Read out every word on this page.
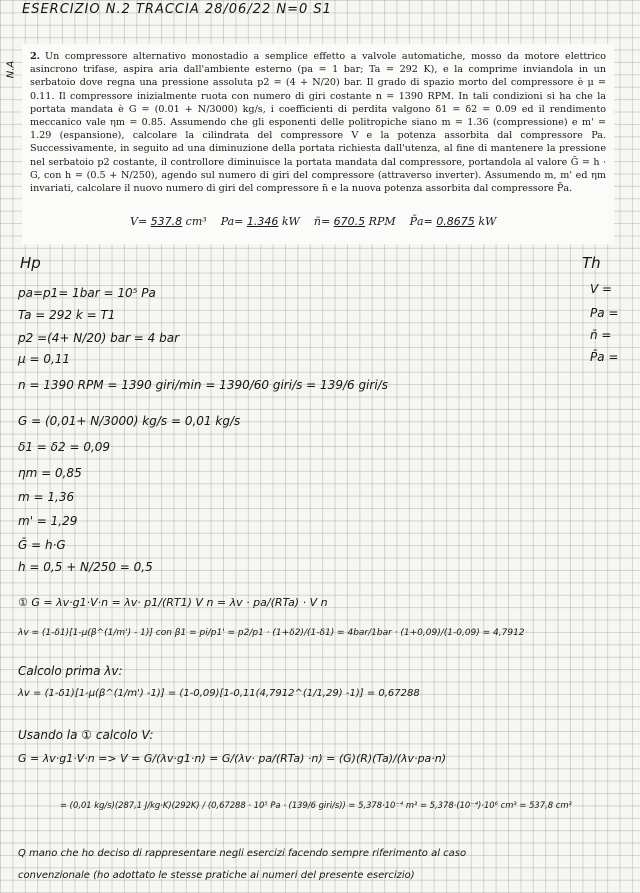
ESERCIZIO N.2 TRACCIA 28/06/22 N=0 S1
N.A
2. Un compressore alternativo monostadio a semplice effetto a valvole automatiche, mosso da motore elettrico asincrono trifase, aspira aria dall'ambiente esterno (pa = 1 bar; Ta = 292 K), e la comprime inviandola in un serbatoio dove regna una pressione assoluta p2 = (4 + N/20) bar. Il grado di spazio morto del compressore è μ = 0.11. Il compressore inizialmente ruota con numero di giri costante n = 1390 RPM. In tali condizioni si ha che la portata mandata è G = (0.01 + N/3000) kg/s, i coefficienti di perdita valgono δ1 = δ2 = 0.09 ed il rendimento meccanico vale ηm = 0.85. Assumendo che gli esponenti delle politropiche siano m = 1.36 (compressione) e m' = 1.29 (espansione), calcolare la cilindrata del compressore V e la potenza assorbita dal compressore Pa. Successivamente, in seguito ad una diminuzione della portata richiesta dall'utenza, al fine di mantenere la pressione nel serbatoio p2 costante, il controllore diminuisce la portata mandata dal compressore, portandola al valore Ḡ = h · G, con h = (0.5 + N/250), agendo sul numero di giri del compressore (attraverso inverter). Assumendo m, m' ed ηm invariati, calcolare il nuovo numero di giri del compressore n̄ e la nuova potenza assorbita dal compressore P̄a.
V= 537.8 cm³ Pa= 1.346 kW n̄= 670.5 RPM P̄a= 0.8675 kW
Hp	Th
V =
Pa =
n̄ =
P̄a =
pa=p1= 1bar = 10⁵ Pa
Ta = 292 k = T1
p2 =(4+ N/20) bar = 4 bar
μ = 0,11
n = 1390 RPM = 1390 giri/min = 1390/60 giri/s = 139/6 giri/s
G = (0,01+ N/3000) kg/s = 0,01 kg/s
δ1 = δ2 = 0,09
ηm = 0,85
m = 1,36
m' = 1,29
Ḡ = h·G
h = 0,5 + N/250 = 0,5
① G = λv·g1·V·n = λv· p1/(RT1) V n = λv · pa/(RTa) · V n
λv = (1-δ1)[1-μ(β^(1/m') - 1)] con β1 = pi/p1' = p2/p1 · (1+δ2)/(1-δ1) = 4bar/1bar · (1+0,09)/(1-0,09) = 4,7912
Calcolo prima λv:
λv = (1-δ1)[1-μ(β^(1/m') -1)] = (1-0,09)[1-0,11(4,7912^(1/1,29) -1)] = 0,67288
Usando la ① calcolo V:
G = λv·g1·V·n => V = G/(λv·g1·n) = G/(λv· pa/(RTa) ·n) = (G)(R)(Ta)/(λv·pa·n)
= (0,01 kg/s)(287,1 J/kg·K)(292K) / (0,67288 · 10⁵ Pa · (139/6 giri/s)) = 5,378·10⁻⁴ m³ = 5,378·(10⁻⁴)·10⁶ cm³ = 537,8 cm³
Q mano che ho deciso di rappresentare negli esercizi facendo sempre riferimento al caso
convenzionale (ho adottato le stesse pratiche ai numeri del presente esercizio)
